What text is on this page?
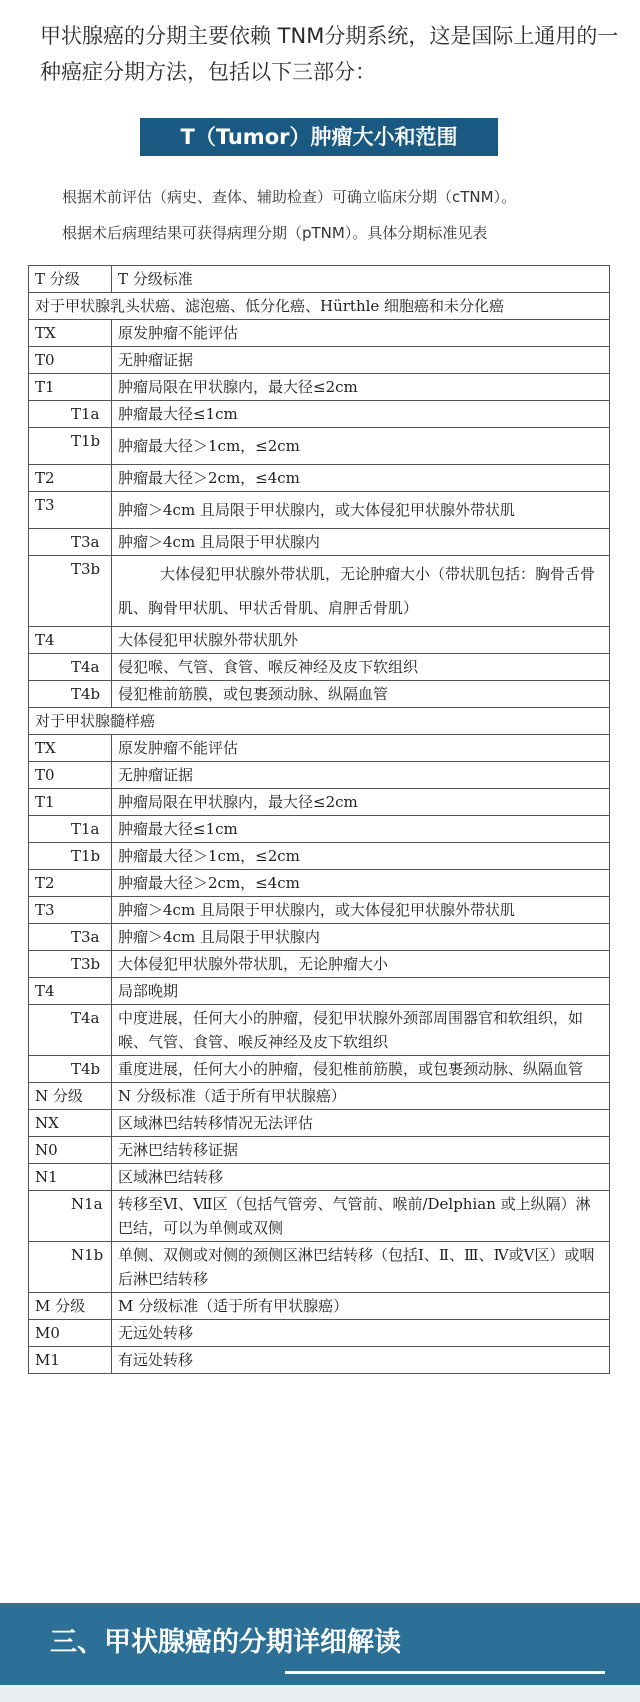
甲状腺癌的分期主要依赖 TNM分期系统，这是国际上通用的一种癌症分期方法，包括以下三部分：

T（Tumor）肿瘤大小和范围

根据术前评估（病史、查体、辅助检查）可确立临床分期（cTNM）。

根据术后病理结果可获得病理分期（pTNM）。具体分期标准见表

T 分级	T 分级标准
对于甲状腺乳头状癌、滤泡癌、低分化癌、Hürthle 细胞癌和未分化癌	
TX	原发肿瘤不能评估
T0	无肿瘤证据
T1	肿瘤局限在甲状腺内，最大径≤2cm
T1a	肿瘤最大径≤1cm
T1b	肿瘤最大径＞1cm，≤2cm
T2	肿瘤最大径＞2cm，≤4cm
T3	肿瘤＞4cm 且局限于甲状腺内，或大体侵犯甲状腺外带状肌
T3a	肿瘤＞4cm 且局限于甲状腺内
T3b	大体侵犯甲状腺外带状肌，无论肿瘤大小（带状肌包括：胸骨舌骨肌、胸骨甲状肌、甲状舌骨肌、肩胛舌骨肌）
T4	大体侵犯甲状腺外带状肌外
T4a	侵犯喉、气管、食管、喉反神经及皮下软组织
T4b	侵犯椎前筋膜，或包裹颈动脉、纵隔血管
对于甲状腺髓样癌	
TX	原发肿瘤不能评估
T0	无肿瘤证据
T1	肿瘤局限在甲状腺内，最大径≤2cm
T1a	肿瘤最大径≤1cm
T1b	肿瘤最大径＞1cm，≤2cm
T2	肿瘤最大径＞2cm，≤4cm
T3	肿瘤＞4cm 且局限于甲状腺内，或大体侵犯甲状腺外带状肌
T3a	肿瘤＞4cm 且局限于甲状腺内
T3b	大体侵犯甲状腺外带状肌，无论肿瘤大小
T4	局部晚期
T4a	中度进展，任何大小的肿瘤，侵犯甲状腺外颈部周围器官和软组织，如喉、气管、食管、喉反神经及皮下软组织
T4b	重度进展，任何大小的肿瘤，侵犯椎前筋膜，或包裹颈动脉、纵隔血管
N 分级	N 分级标准（适于所有甲状腺癌）
NX	区域淋巴结转移情况无法评估
N0	无淋巴结转移证据
N1	区域淋巴结转移
N1a	转移至Ⅵ、Ⅶ区（包括气管旁、气管前、喉前/Delphian 或上纵隔）淋巴结，可以为单侧或双侧
N1b	单侧、双侧或对侧的颈侧区淋巴结转移（包括Ⅰ、Ⅱ、Ⅲ、Ⅳ或Ⅴ区）或咽后淋巴结转移
M 分级	M 分级标准（适于所有甲状腺癌）
M0	无远处转移
M1	有远处转移
三、甲状腺癌的分期详细解读
